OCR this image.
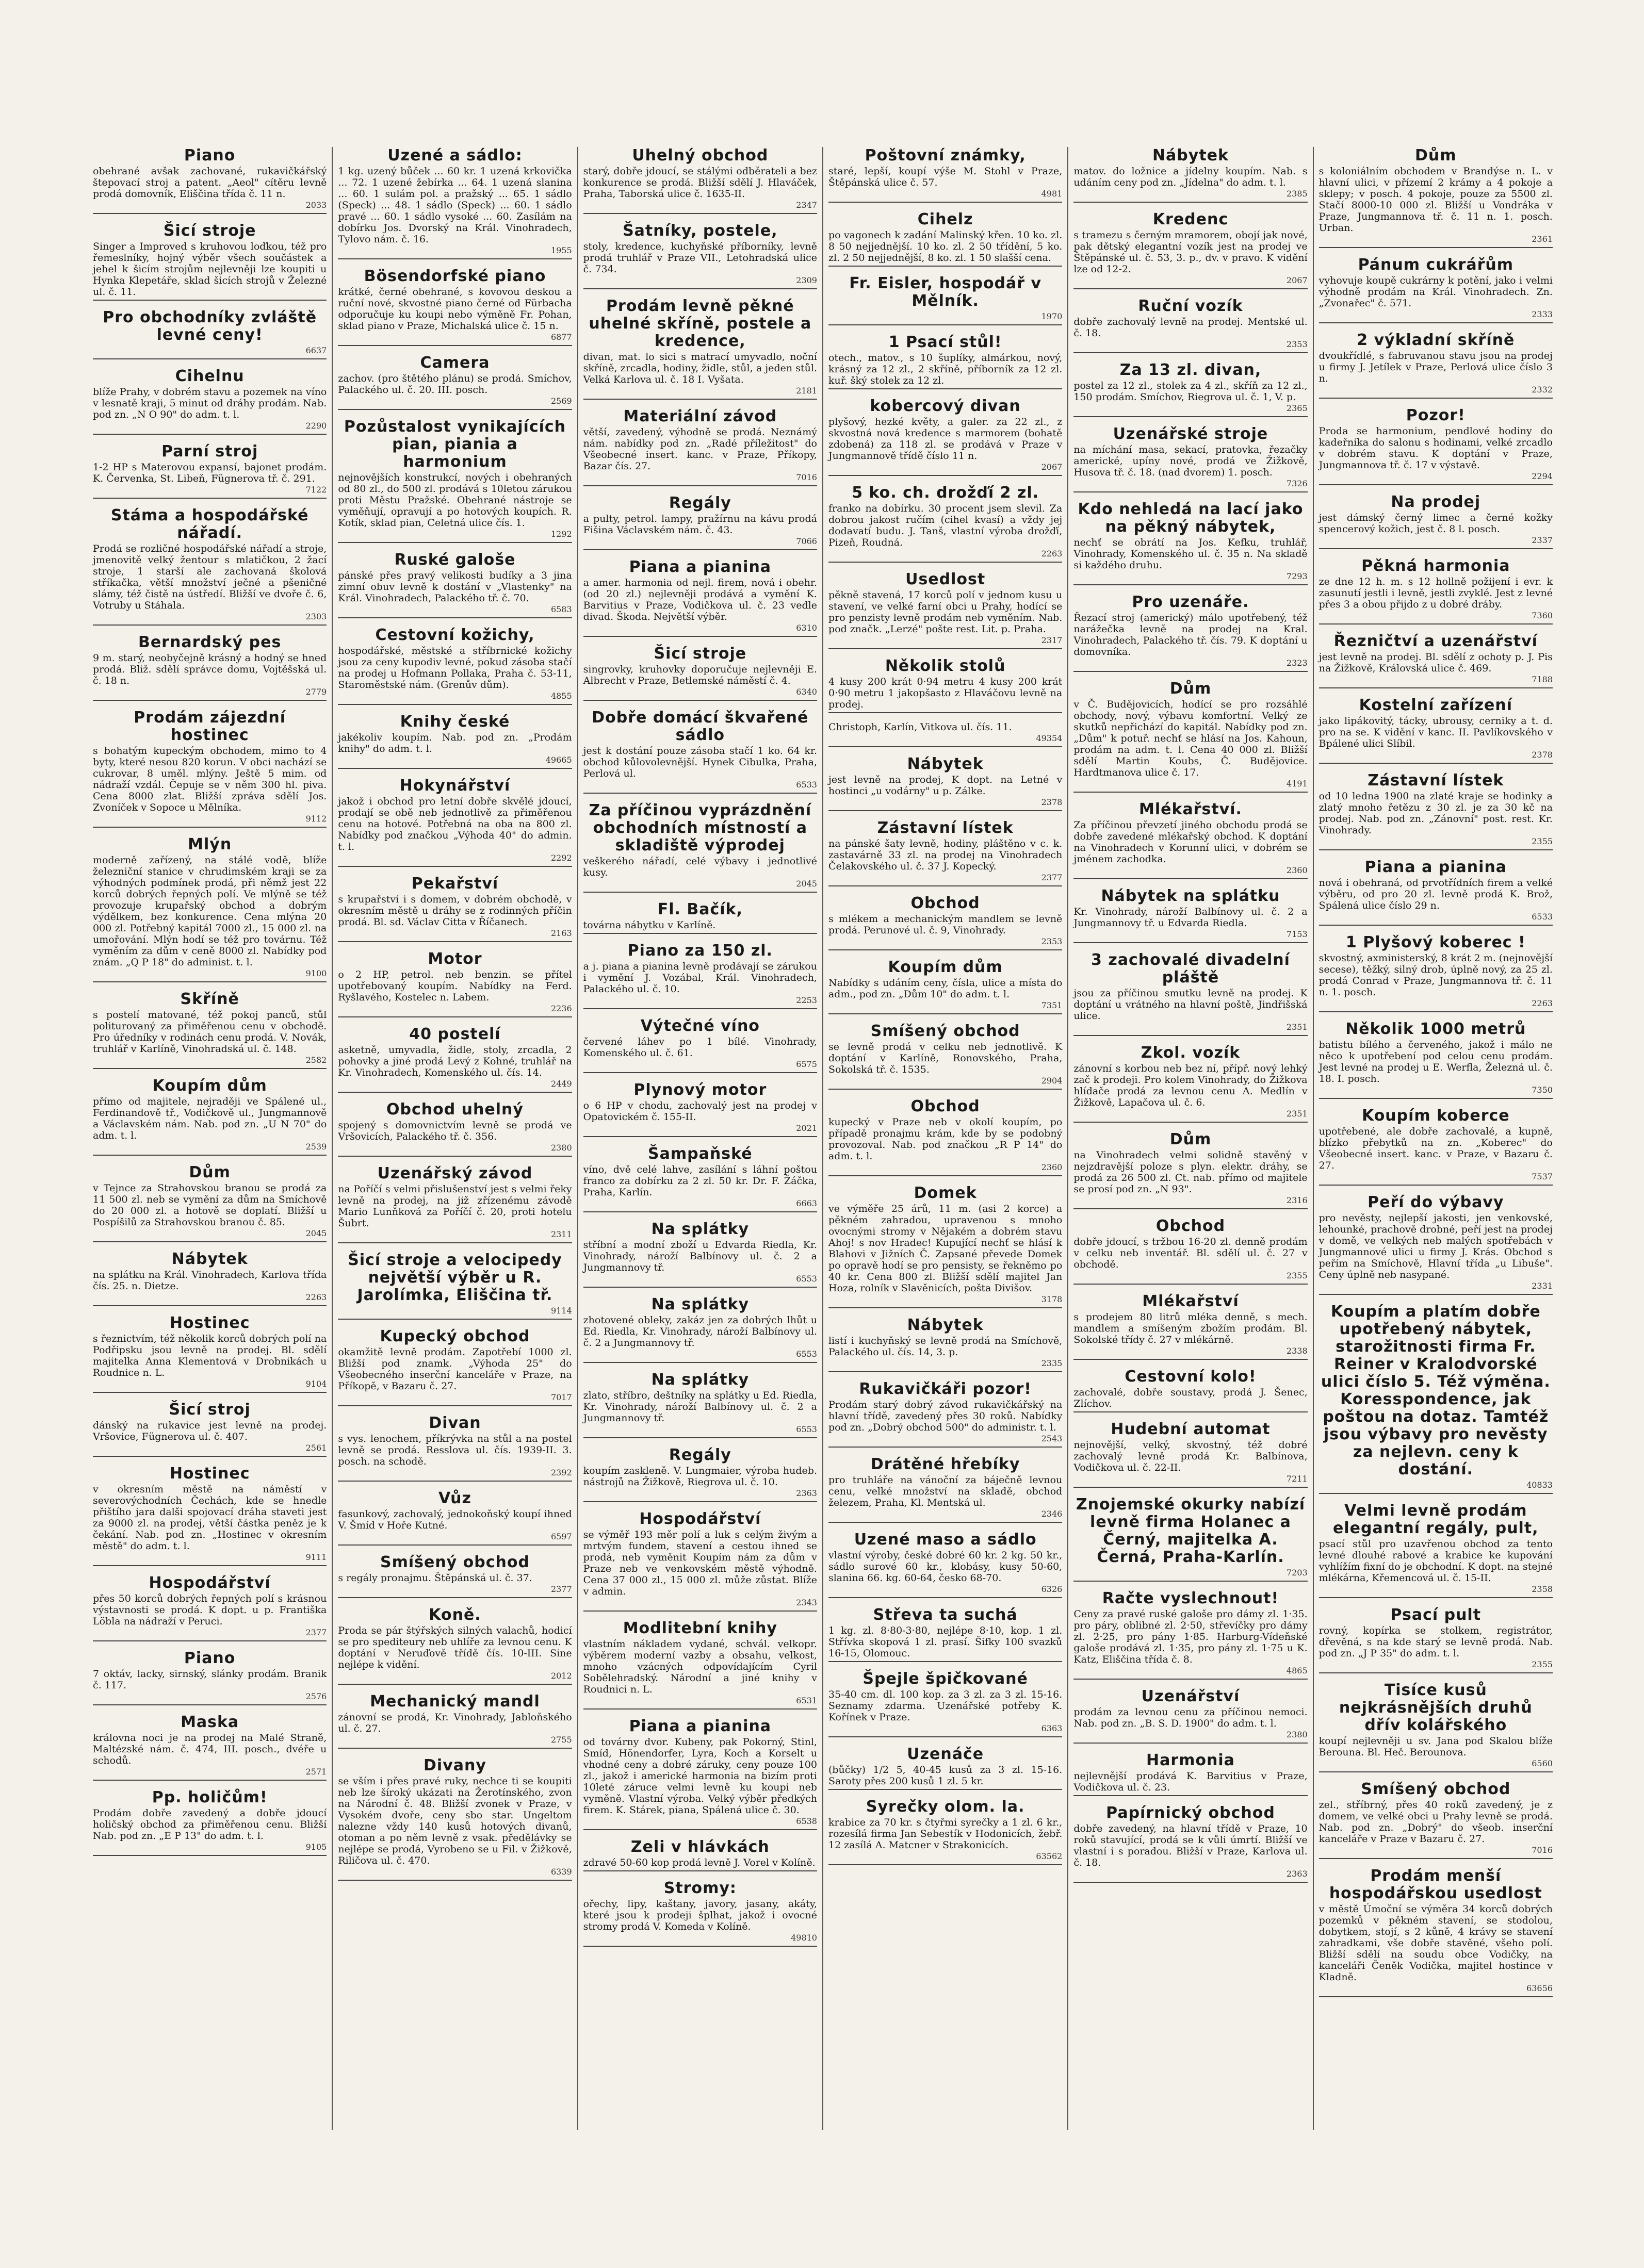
Piano

obehrané avšak zachované, rukavičkářský štepovací stroj a patent. „Aeol" cítěru levně prodá domovník, Eliščina třída č. 11 n.

2033
Šicí stroje

Singer a Improved s kruhovou loďkou, též pro řemeslníky, hojný výběr všech součástek a jehel k šicím strojům nejlevněji lze koupiti u Hynka Klepetáře, sklad šicích strojů v Železné ul. č. 11.

Pro obchodníky zvláště levné ceny!
6637
Cihelnu

blíže Prahy, v dobrém stavu a pozemek na víno v lesnatě kraji, 5 minut od dráhy prodám. Nab. pod zn. „N O 90" do adm. t. l.

2290
Parní stroj

1-2 HP s Materovou expansí, bajonet prodám. K. Červenka, St. Libeň, Fügnerova tř. č. 291.

7122
Stáma a hospodářské nářadí.

Prodá se rozličné hospodářské nářadí a stroje, jmenovitě velký žentour s mlatičkou, 2 žací stroje, 1 starší ale zachovaná školová stříkačka, větší množství ječné a pšeničné slámy, též čistě na ústředí. Bližší ve dvoře č. 6, Votruby u Stáhala.

2303
Bernardský pes

9 m. starý, neobyčejně krásný a hodný se hned prodá. Bliž. sdělí správce domu, Vojtěšská ul. č. 18 n.

2779
Prodám zájezdní hostinec

s bohatým kupeckým obchodem, mimo to 4 byty, které nesou 820 korun. V obci nachází se cukrovar, 8 uměl. mlýny. Ještě 5 mim. od nádraží vzdál. Čepuje se v něm 300 hl. piva. Cena 8000 zlat. Bližší zpráva sdělí Jos. Zvoníček v Sopoce u Mělníka.

9112
Mlýn

moderně zařízený, na stálé vodě, blíže železniční stanice v chrudimském kraji se za výhodných podmínek prodá, při němž jest 22 korců dobrých řepných polí. Ve mlýně se též provozuje krupařský obchod a dobrým výdělkem, bez konkurence. Cena mlýna 20 000 zl. Potřebný kapitál 7000 zl., 15 000 zl. na umořování. Mlýn hodí se též pro továrnu. Též vyměním za dům v ceně 8000 zl. Nabídky pod znám. „Q P 18" do administ. t. l.

9100
Skříně

s postelí matované, též pokoj panců, stůl politurovaný za přiměřenou cenu v obchodě. Pro úředníky v rodinách cenu prodá. V. Novák, truhlář v Karlíně, Vinohradská ul. č. 148.

2582
Koupím dům

přímo od majitele, nejraději ve Spálené ul., Ferdinandově tř., Vodičkově ul., Jungmannově a Václavském nám. Nab. pod zn. „U N 70" do adm. t. l.

2539
Dům

v Tejnce za Strahovskou branou se prodá za 11 500 zl. neb se vymění za dům na Smíchově do 20 000 zl. a hotově se doplatí. Bližší u Pospíšilů za Strahovskou branou č. 85.

2045
Nábytek

na splátku na Král. Vinohradech, Karlova třída čís. 25. n. Dietze.

2263
Hostinec

s řeznictvím, též několik korců dobrých polí na Podřipsku jsou levně na prodej. Bl. sdělí majitelka Anna Klementová v Drobnikách u Roudnice n. L.

9104
Šicí stroj

dánský na rukavice jest levně na prodej. Vršovice, Fügnerova ul. č. 407.

2561
Hostinec

v okresním městě na náměstí v severovýchodních Čechách, kde se hnedle přištího jara dalši spojovací dráha staveti jest za 9000 zl. na prodej, větší částka peněz je k čekání. Nab. pod zn. „Hostinec v okresním městě" do adm. t. l.

9111
Hospodářství

přes 50 korců dobrých řepných polí s krásnou výstavnosti se prodá. K dopt. u p. Františka Löbla na nádraží v Peruci.

2377
Piano

7 oktáv, lacky, sirnský, slánky prodám. Branik č. 117.

2576
Maska

královna noci je na prodej na Malé Straně, Maltézské nám. č. 474, III. posch., dvéře u schodů.

2571
Pp. holičům!

Prodám dobře zavedený a dobře jdoucí holičský obchod za přiměřenou cenu. Bližší Nab. pod zn. „E P 13" do adm. t. l.

9105
Uzené a sádlo:

1 kg. uzený bůček ... 60 kr. 1 uzená krkovička ... 72. 1 uzené žebírka ... 64. 1 uzená slanina ... 60. 1 sulám pol. a pražský ... 65. 1 sádlo (Speck) ... 48. 1 sádlo (Speck) ... 60. 1 sádlo pravé ... 60. 1 sádlo vysoké ... 60. Zasílám na dobírku Jos. Dvorský na Král. Vinohradech, Tylovo nám. č. 16.

1955
Bösendorfské piano

krátké, černé obehrané, s kovovou deskou a ruční nové, skvostné piano černé od Fürbacha odporučuje ku koupi nebo výměně Fr. Pohan, sklad piano v Praze, Michalská ulice č. 15 n.

6877
Camera

zachov. (pro štětého plánu) se prodá. Smíchov, Palackého ul. č. 20. III. posch.

2569
Pozůstalost vynikajících pian, piania a harmonium

nejnovějších konstrukcí, nových i obehraných od 80 zl., do 500 zl. prodává s 10letou zárukou proti Městu Pražské. Obehrané nástroje se vyměňují, opravují a po hotových koupích. R. Kotík, sklad pian, Celetná ulice čís. 1.

1292
Ruské galoše

pánské přes pravý velikosti budíky a 3 jina zimní obuv levně k dostání v „Vlastenky" na Král. Vinohradech, Palackého tř. č. 70.

6583
Cestovní kožichy,

hospodářské, městské a stříbrnické kožichy jsou za ceny kupodiv levné, pokud zásoba stačí na prodej u Hofmann Pollaka, Praha č. 53-11, Staroměstské nám. (Grenův dům).

4855
Knihy české

jakékoliv koupím. Nab. pod zn. „Prodám knihy" do adm. t. l.

49665
Hokynářství

jakož i obchod pro letní dobře skvělé jdoucí, prodají se obě neb jednotlivě za přiměřenou cenu na hotové. Potřebná na oba na 800 zl. Nabídky pod značkou „Výhoda 40" do admin. t. l.

2292
Pekařství

s krupařství i s domem, v dobrém obchodě, v okresním městě u dráhy se z rodinných příčin prodá. Bl. sd. Václav Citta v Říčanech.

2163
Motor

o 2 HP, petrol. neb benzin. se přítel upotřebovaný koupím. Nabídky na Ferd. Ryšlavého, Kostelec n. Labem.

2236
40 postelí

asketně, umyvadla, židle, stoly, zrcadla, 2 pohovky a jiné prodá Levý z Kohné, truhlář na Kr. Vinohradech, Komenského ul. čís. 14.

2449
Obchod uhelný

spojený s domovnictvím levně se prodá ve Vršovicích, Palackého tř. č. 356.

2380
Uzenářský závod

na Poříčí s velmi přislušenství jest s velmi řeky levně na prodej, na již zřízenému závodě Mario Lunňková za Poříčí č. 20, proti hotelu Šubrt.

2311
Šicí stroje a velocipedy největší výběr u R. Jarolímka, Eliščina tř.
9114
Kupecký obchod

okamžitě levně prodám. Zapotřebí 1000 zl. Bližší pod znamk. „Výhoda 25" do Všeobecného inserční kanceláře v Praze, na Příkopě, v Bazaru č. 27.

7017
Divan

s vys. lenochem, příkrývka na stůl a na postel levně se prodá. Resslova ul. čís. 1939-II. 3. posch. na schodě.

2392
Vůz

fasunkový, zachovalý, jednokoňský koupí ihned V. Šmíd v Hoře Kutné.

6597
Smíšený obchod

s regály pronajmu. Štěpánská ul. č. 37.

2377
Koně.

Proda se pár štýřských silných valachů, hodicí se pro spediteury neb uhlíře za levnou cenu. K doptání v Neruďově třídě čís. 10-III. Sine nejlépe k vidění.

2012
Mechanický mandl

zánovní se prodá, Kr. Vinohrady, Jabloňského ul. č. 27.

2755
Divany

se vším i přes pravé ruky, nechce ti se koupiti neb lze šíroký ukázati na Žerotínského, zvon na Národní č. 48. Bližší zvonek v Praze, v Vysokém dvoře, ceny sbo star. Ungeltom nalezne vždy 140 kusů hotových divanů, otoman a po něm levně z vsak. předělávky se nejlépe se prodá, Vyrobeno se u Fil. v Žižkově, Riličova ul. č. 470.

6339
Uhelný obchod

starý, dobře jdoucí, se stálými odběrateli a bez konkurence se prodá. Bližší sdělí J. Hlaváček, Praha, Taborská ulice č. 1635-II.

2347
Šatníky, postele,

stoly, kredence, kuchyňské příborníky, levně prodá truhlář v Praze VII., Letohradská ulice č. 734.

2309
Prodám levně pěkné uhelné skříně, postele a kredence,

divan, mat. lo sici s matrací umyvadlo, noční skříně, zrcadla, hodiny, židle, stůl, a jeden stůl. Velká Karlova ul. č. 18 I. Vyšata.

2181
Materiální závod

větší, zavedený, výhodně se prodá. Neznámý nám. nabídky pod zn. „Radé příležitost" do Všeobecné insert. kanc. v Praze, Příkopy, Bazar čís. 27.

7016
Regály

a pulty, petrol. lampy, pražírnu na kávu prodá Fišina Václavském nám. č. 43.

7066
Piana a pianina

a amer. harmonia od nejl. firem, nová i obehr. (od 20 zl.) nejlevněji prodává a vymění K. Barvitius v Praze, Vodičkova ul. č. 23 vedle divad. Škoda. Největší výběr.

6310
Šicí stroje

singrovky, kruhovky doporučuje nejlevněji E. Albrecht v Praze, Betlemské náměstí č. 4.

6340
Dobře domácí škvařené sádlo

jest k dostání pouze zásoba stačí 1 ko. 64 kr. obchod kůlovolevnější. Hynek Cibulka, Praha, Perlová ul.

6533
Za příčinou vyprázdnění obchodních místností a skladiště výprodej

veškerého nářadí, celé výbavy i jednotlivé kusy.

2045
Fl. Bačík,

továrna nábytku v Karlíně.

Piano za 150 zl.

a j. piana a pianina levně prodávají se zárukou i vymění J. Vozábal, Král. Vinohradech, Palackého ul. č. 10.

2253
Výtečné víno

červené láhev po 1 bílé. Vinohrady, Komenského ul. č. 61.

6575
Plynový motor

o 6 HP v chodu, zachovalý jest na prodej v Opatovickém č. 155-II.

2021
Šampaňské

víno, dvě celé lahve, zasílání s láhní poštou franco za dobírku za 2 zl. 50 kr. Dr. F. Žáčka, Praha, Karlín.

6663
Na splátky

stříbní a modní zboží u Edvarda Riedla, Kr. Vinohrady, nároží Balbínovy ul. č. 2 a Jungmannovy tř.

6553
Na splátky

zhotovené obleky, zakáz jen za dobrých lhůt u Ed. Riedla, Kr. Vinohrady, nároží Balbínovy ul. č. 2 a Jungmannovy tř.

6553
Na splátky

zlato, stříbro, deštníky na splátky u Ed. Riedla, Kr. Vinohrady, nároží Balbínovy ul. č. 2 a Jungmannovy tř.

6553
Regály

koupím zaskleně. V. Lungmaier, výroba hudeb. nástrojů na Žižkově, Riegrova ul. č. 10.

2363
Hospodářství

se výměř 193 měr polí a luk s celým živým a mrtvým fundem, stavení a cestou ihned se prodá, neb vyměnit Koupím nám za dům v Praze neb ve venkovském městě výhodně. Cena 37 000 zl., 15 000 zl. může zůstat. Blíže v admin.

2343
Modlitební knihy

vlastním nákladem vydané, schvál. velkopr. výběrem moderní vazby a obsahu, velkost, mnoho vzácných odpovídajícím Cyril Sobělehradský. Národní a jiné knihy v Roudnici n. L.

6531
Piana a pianina

od továrny dvor. Kubeny, pak Pokorný, Stinl, Smíd, Hönendorfer, Lyra, Koch a Korselt u vhodné ceny a dobré záruky, ceny pouze 100 zl., jakož i americké harmonia na bizím proti 10leté záruce velmi levně ku koupi neb vyměně. Vlastní výroba. Velký výběr předkých firem. K. Stárek, piana, Spálená ulice č. 30.

6538
Zeli v hlávkách

zdravé 50-60 kop prodá levně J. Vorel v Kolíně.

Stromy:

ořechy, lipy, kaštany, javory, jasany, akáty, které jsou k prodeji šplhat, jakož i ovocné stromy prodá V. Komeda v Kolíně.

49810
Poštovní známky,

staré, lepší, koupí výše M. Stohl v Praze, Štěpánská ulice č. 57.

4981
Cihelz

po vagonech k zadání Malinský křen. 10 ko. zl. 8 50 nejjednější. 10 ko. zl. 2 50 třídění, 5 ko. zl. 2 50 nejjednější, 8 ko. zl. 1 50 slašší cena.

Fr. Eisler, hospodář v Mělník.
1970
1 Psací stůl!

otech., matov., s 10 šuplíky, almárkou, nový, krásný za 12 zl., 2 skříně, příborník za 12 zl. kuř. šký stolek za 12 zl.

kobercový divan

plyšový, hezké květy, a galer. za 22 zl., z skvostná nová kredence s marmorem (bohatě zdobená) za 118 zl. se prodává v Praze v Jungmannově třídě číslo 11 n.

2067
5 ko. ch. drožďí 2 zl.

franko na dobírku. 30 procent jsem slevil. Za dobrou jakost ručím (cihel kvasí) a vždy jej dodavatí budu. J. Tanš, vlastní výroba drožďí, Pizeň, Roudná.

2263
Usedlost

pěkně stavená, 17 korců polí v jednom kusu u stavení, ve velké farní obci u Prahy, hodící se pro penzisty levně prodám neb vyměním. Nab. pod značk. „Lerzé" pošte rest. Lit. p. Praha.

2317
Několik stolů

4 kusy 200 krát 0·94 metru 4 kusy 200 krát 0·90 metru 1 jakopšasto z Hlaváčovu levně na prodej.

Christoph, Karlín, Vitkova ul. čís. 11.

49354
Nábytek

jest levně na prodej, K dopt. na Letné v hostinci „u vodárny" u p. Zálke.

2378
Zástavní lístek

na pánské šaty levně, hodiny, pláštěno v c. k. zastavárně 33 zl. na prodej na Vinohradech Čelakovského ul. č. 37 J. Kopecký.

2377
Obchod

s mlékem a mechanickým mandlem se levně prodá. Perunové ul. č. 9, Vinohrady.

2353
Koupím dům

Nabídky s udáním ceny, čísla, ulice a místa do adm., pod zn. „Dům 10" do adm. t. l.

7351
Smíšený obchod

se levně prodá v celku neb jednotlivě. K doptání v Karlíně, Ronovského, Praha, Sokolská tř. č. 1535.

2904
Obchod

kupecký v Praze neb v okolí koupím, po případě pronajmu krám, kde by se podobný provozoval. Nab. pod značkou „R P 14" do adm. t. l.

2360
Domek

ve výměře 25 árů, 11 m. (asi 2 korce) a pěkném zahradou, upravenou s mnoho ovocnými stromy v Nějakém a dobrém stavu Ahoj! s nov Hradec! Kupující nechť se hlásí k Blahovi v Jižních Č. Zapsané převede Domek po opravě hodí se pro pensisty, se řekněmo po 40 kr. Cena 800 zl. Bližší sdělí majitel Jan Hoza, rolník v Slavěnicích, pošta Divišov.

3178
Nábytek

listí i kuchyňský se levně prodá na Smíchově, Palackého ul. čís. 14, 3. p.

2335
Rukavičkáři pozor!

Prodám starý dobrý závod rukavičkářský na hlavní třídě, zavedený přes 30 roků. Nabídky pod zn. „Dobrý obchod 500" do administr. t. l.

2543
Drátěné hřebíky

pro truhláře na vánoční za báječně levnou cenu, velké množství na skladě, obchod železem, Praha, Kl. Mentská ul.

2346
Uzené maso a sádlo

vlastní výroby, české dobré 60 kr. 2 kg. 50 kr., sádlo surové 60 kr., klobásy, kusy 50-60, slanina 66. kg. 60-64, česko 68-70.

6326
Střeva ta suchá

1 kg. zl. 8·80-3·80, nejlépe 8·10, kop. 1 zl. Střívka skopová 1 zl. prasí. Šifky 100 svazků 16-15, Olomouc.

Špejle špičkované

35-40 cm. dl. 100 kop. za 3 zl. za 3 zl. 15-16. Seznamy zdarma. Uzenářské potřeby K. Kořínek v Praze.

6363
Uzenáče

(bůčky) 1/2 5, 40-45 kusů za 3 zl. 15-16. Saroty přes 200 kusů 1 zl. 5 kr.

Syrečky olom. la.

krabice za 70 kr. s čtyřmi syrečky a 1 zl. 6 kr., rozesílá firma Jan Sebestík v Hodonicích, žebř. 12 zasílá A. Matcner v Strakonicích.

63562
Nábytek

matov. do ložnice a jídelny koupím. Nab. s udáním ceny pod zn. „Jídelna" do adm. t. l.

2385
Kredenc

s tramezu s černým mramorem, obojí jak nové, pak dětský elegantní vozík jest na prodej ve Štěpánské ul. č. 53, 3. p., dv. v pravo. K vidění lze od 12-2.

2067
Ruční vozík

dobře zachovalý levně na prodej. Mentské ul. č. 18.

2353
Za 13 zl. divan,

postel za 12 zl., stolek za 4 zl., skříň za 12 zl., 150 prodám. Smíchov, Riegrova ul. č. 1, V. p.

2365
Uzenářské stroje

na míchání masa, sekací, pratovka, řezačky americké, upíny nové, prodá ve Žižkově, Husova tř. č. 18. (nad dvorem) 1. posch.

7326
Kdo nehledá na lací jako na pěkný nábytek,

nechť se obrátí na Jos. Kefku, truhlář, Vinohrady, Komenského ul. č. 35 n. Na skladě si každého druhu.

7293
Pro uzenáře.

Řezací stroj (americký) málo upotřebený, též narážečka levně na prodej na Kral. Vinohradech, Palackého tř. čís. 79. K doptání u domovníka.

2323
Dům

v Č. Budějovicích, hodící se pro rozsáhlé obchody, nový, výbavu komfortní. Velký ze skutků nepřichází do kapitál. Nabídky pod zn. „Dům" k potuř. nechť se hlásí na Jos. Kahoun, prodám na adm. t. l. Cena 40 000 zl. Bližší sdělí Martin Koubs, Č. Budějovice. Hardtmanova ulice č. 17.

4191
Mlékařství.

Za příčinou převzetí jiného obchodu prodá se dobře zavedené mlékařský obchod. K doptání na Vinohradech v Korunní ulici, v dobrém se jménem zachodka.

2360
Nábytek na splátku

Kr. Vinohrady, nároží Balbínovy ul. č. 2 a Jungmannovy tř. u Edvarda Riedla.

7153
3 zachovalé divadelní pláště

jsou za příčinou smutku levně na prodej. K doptání u vrátného na hlavní poště, Jindřišská ulice.

2351
Zkol. vozík

zánovní s korbou neb bez ní, přípř. nový lehký zač k prodeji. Pro kolem Vinohrady, do Žižkova hlídače prodá za levnou cenu A. Medlín v Žižkově, Lapačova ul. č. 6.

2351
Dům

na Vinohradech velmi solidně stavěný v nejzdravější poloze s plyn. elektr. dráhy, se prodá za 26 500 zl. Ct. nab. přímo od majitele se prosí pod zn. „N 93".

2316
Obchod

dobře jdoucí, s tržbou 16-20 zl. denně prodám v celku neb inventář. Bl. sdělí ul. č. 27 v obchodě.

2355
Mlékařství

s prodejem 80 litrů mléka denně, s mech. mandlem a smíšeným zbožím prodám. Bl. Sokolské třídy č. 27 v mlékárně.

2338
Cestovní kolo!

zachovalé, dobře soustavy, prodá J. Šenec, Zlíchov.

Hudební automat

nejnovější, velký, skvostný, též dobré zachovalý levně prodá Kr. Balbínova, Vodičkova ul. č. 22-II.

7211
Znojemské okurky nabízí levně firma Holanec a Černý, majitelka A. Černá, Praha-Karlín.
7203
Račte vyslechnout!

Ceny za pravé ruské galoše pro dámy zl. 1·35. pro páry, oblibné zl. 2·50, střevíčky pro dámy zl. 2·25, pro pány 1·85. Harburg-Vídeňské galoše prodává zl. 1·35, pro pány zl. 1·75 u K. Katz, Eliščina třída č. 8.

4865
Uzenářství

prodám za levnou cenu za příčinou nemoci. Nab. pod zn. „B. S. D. 1900" do adm. t. l.

2380
Harmonia

nejlevnější prodává K. Barvitius v Praze, Vodičkova ul. č. 23.

Papírnický obchod

dobře zavedený, na hlavní třídě v Praze, 10 roků stavující, prodá se k vůli úmrtí. Bližší ve vlastní i s poradou. Bližší v Praze, Karlova ul. č. 18.

2363
Dům

s koloniálním obchodem v Brandýse n. L. v hlavní ulici, v přízemí 2 krámy a 4 pokoje a sklepy; v posch. 4 pokoje, pouze za 5500 zl. Stačí 8000-10 000 zl. Bližší u Vondráka v Praze, Jungmannova tř. č. 11 n. 1. posch. Urban.

2361
Pánum cukrářům

vyhovuje koupě cukrárny k potění, jako i velmi výhodně prodám na Král. Vinohradech. Zn. „Zvonařec" č. 571.

2333
2 výkladní skříně

dvoukřídlé, s fabruvanou stavu jsou na prodej u firmy J. Jetílek v Praze, Perlová ulice číslo 3 n.

2332
Pozor!

Proda se harmonium, pendlové hodiny do kadeřníka do salonu s hodinami, velké zrcadlo v dobrém stavu. K doptání v Praze, Jungmannova tř. č. 17 v výstavě.

2294
Na prodej

jest dámský černý limec a černé kožky spencerový kožich, jest č. 8 l. posch.

2337
Pěkná harmonia

ze dne 12 h. m. s 12 hollně požijení i evr. k zasunutí jestli i levně, jestli zvyklé. Jest z levné přes 3 a obou přijdo z u dobré dráby.

7360
Řezničtví a uzenářství

jest levně na prodej. Bl. sdělí z ochoty p. J. Pis na Žižkově, Královská ulice č. 469.

7188
Kostelní zařízení

jako lipákovitý, tácky, ubrousy, cerniky a t. d. pro na se. K vidění v kanc. II. Pavlíkovského v Bpálené ulici Slíbil.

2378
Zástavní lístek

od 10 ledna 1900 na zlaté kraje se hodinky a zlatý mnoho řetězu z 30 zl. je za 30 kč na prodej. Nab. pod zn. „Zánovní" post. rest. Kr. Vinohrady.

2355
Piana a pianina

nová i obehraná, od prvotřídních firem a velké výběru, od pro 20 zl. levně prodá K. Brož, Spálená ulice číslo 29 n.

6533
1 Plyšový koberec !

skvostný, axministerský, 8 krát 2 m. (nejnovější secese), těžký, silný drob, úplně nový, za 25 zl. prodá Conrad v Praze, Jungmannova tř. č. 11 n. 1. posch.

2263
Několik 1000 metrů

batistu bílého a červeného, jakož i málo ne něco k upotřebení pod celou cenu prodám. Jest levné na prodej u E. Werfla, Železná ul. č. 18. I. posch.

7350
Koupím koberce

upotřebené, ale dobře zachovalé, a kupně, blízko přebytků na zn. „Koberec" do Všeobecné insert. kanc. v Praze, v Bazaru č. 27.

7537
Peří do výbavy

pro nevěsty, nejlepší jakosti, jen venkovské, lehounké, prachově drobné, peří jest na prodej v domě, ve velkých neb malých spotřebách v Jungmannové ulici u firmy J. Krás. Obchod s peřím na Smíchově, Hlavní třída „u Libuše". Ceny úplně neb nasypané.

2331
Koupím a platím dobře upotřebený nábytek, starožitnosti firma Fr. Reiner v Kralodvorské ulici číslo 5. Též výměna. Koresspondence, jak poštou na dotaz. Tamtéž jsou výbavy pro nevěsty za nejlevn. ceny k dostání.
40833
Velmi levně prodám elegantní regály, pult,

psací stůl pro uzavřenou obchod za tento levné dlouhé rabové a krabice ke kupování vyhlížím fixní do je obchodní. K dopt. na stejné mlékárna, Křemencová ul. č. 15-II.

2358
Psací pult

rovný, kopírka se stolkem, registrátor, dřevěná, s na kde starý se levně prodá. Nab. pod zn. „J P 35" do adm. t. l.

2355
Tisíce kusů nejkrásnějších druhů dřív kolářského

koupí nejlevněji u sv. Jana pod Skalou blíže Berouna. Bl. Heč. Berounova.

6560
Smíšený obchod

zel., stříbrný, přes 40 roků zavedený, je z domem, ve velké obci u Prahy levně se prodá. Nab. pod zn. „Dobrý" do všeob. inserční kanceláře v Praze v Bazaru č. 27.

7016
Prodám menší hospodářskou usedlost

v městě Úmoční se výměra 34 korců dobrých pozemků v pěkném stavení, se stodolou, dobytkem, stojí, s 2 kůně, 4 krávy se stavení zahradkami, vše dobře stavěné, všeho polí. Bližší sdělí na soudu obce Vodičky, na kanceláři Čeněk Vodička, majitel hostince v Kladně.

63656
